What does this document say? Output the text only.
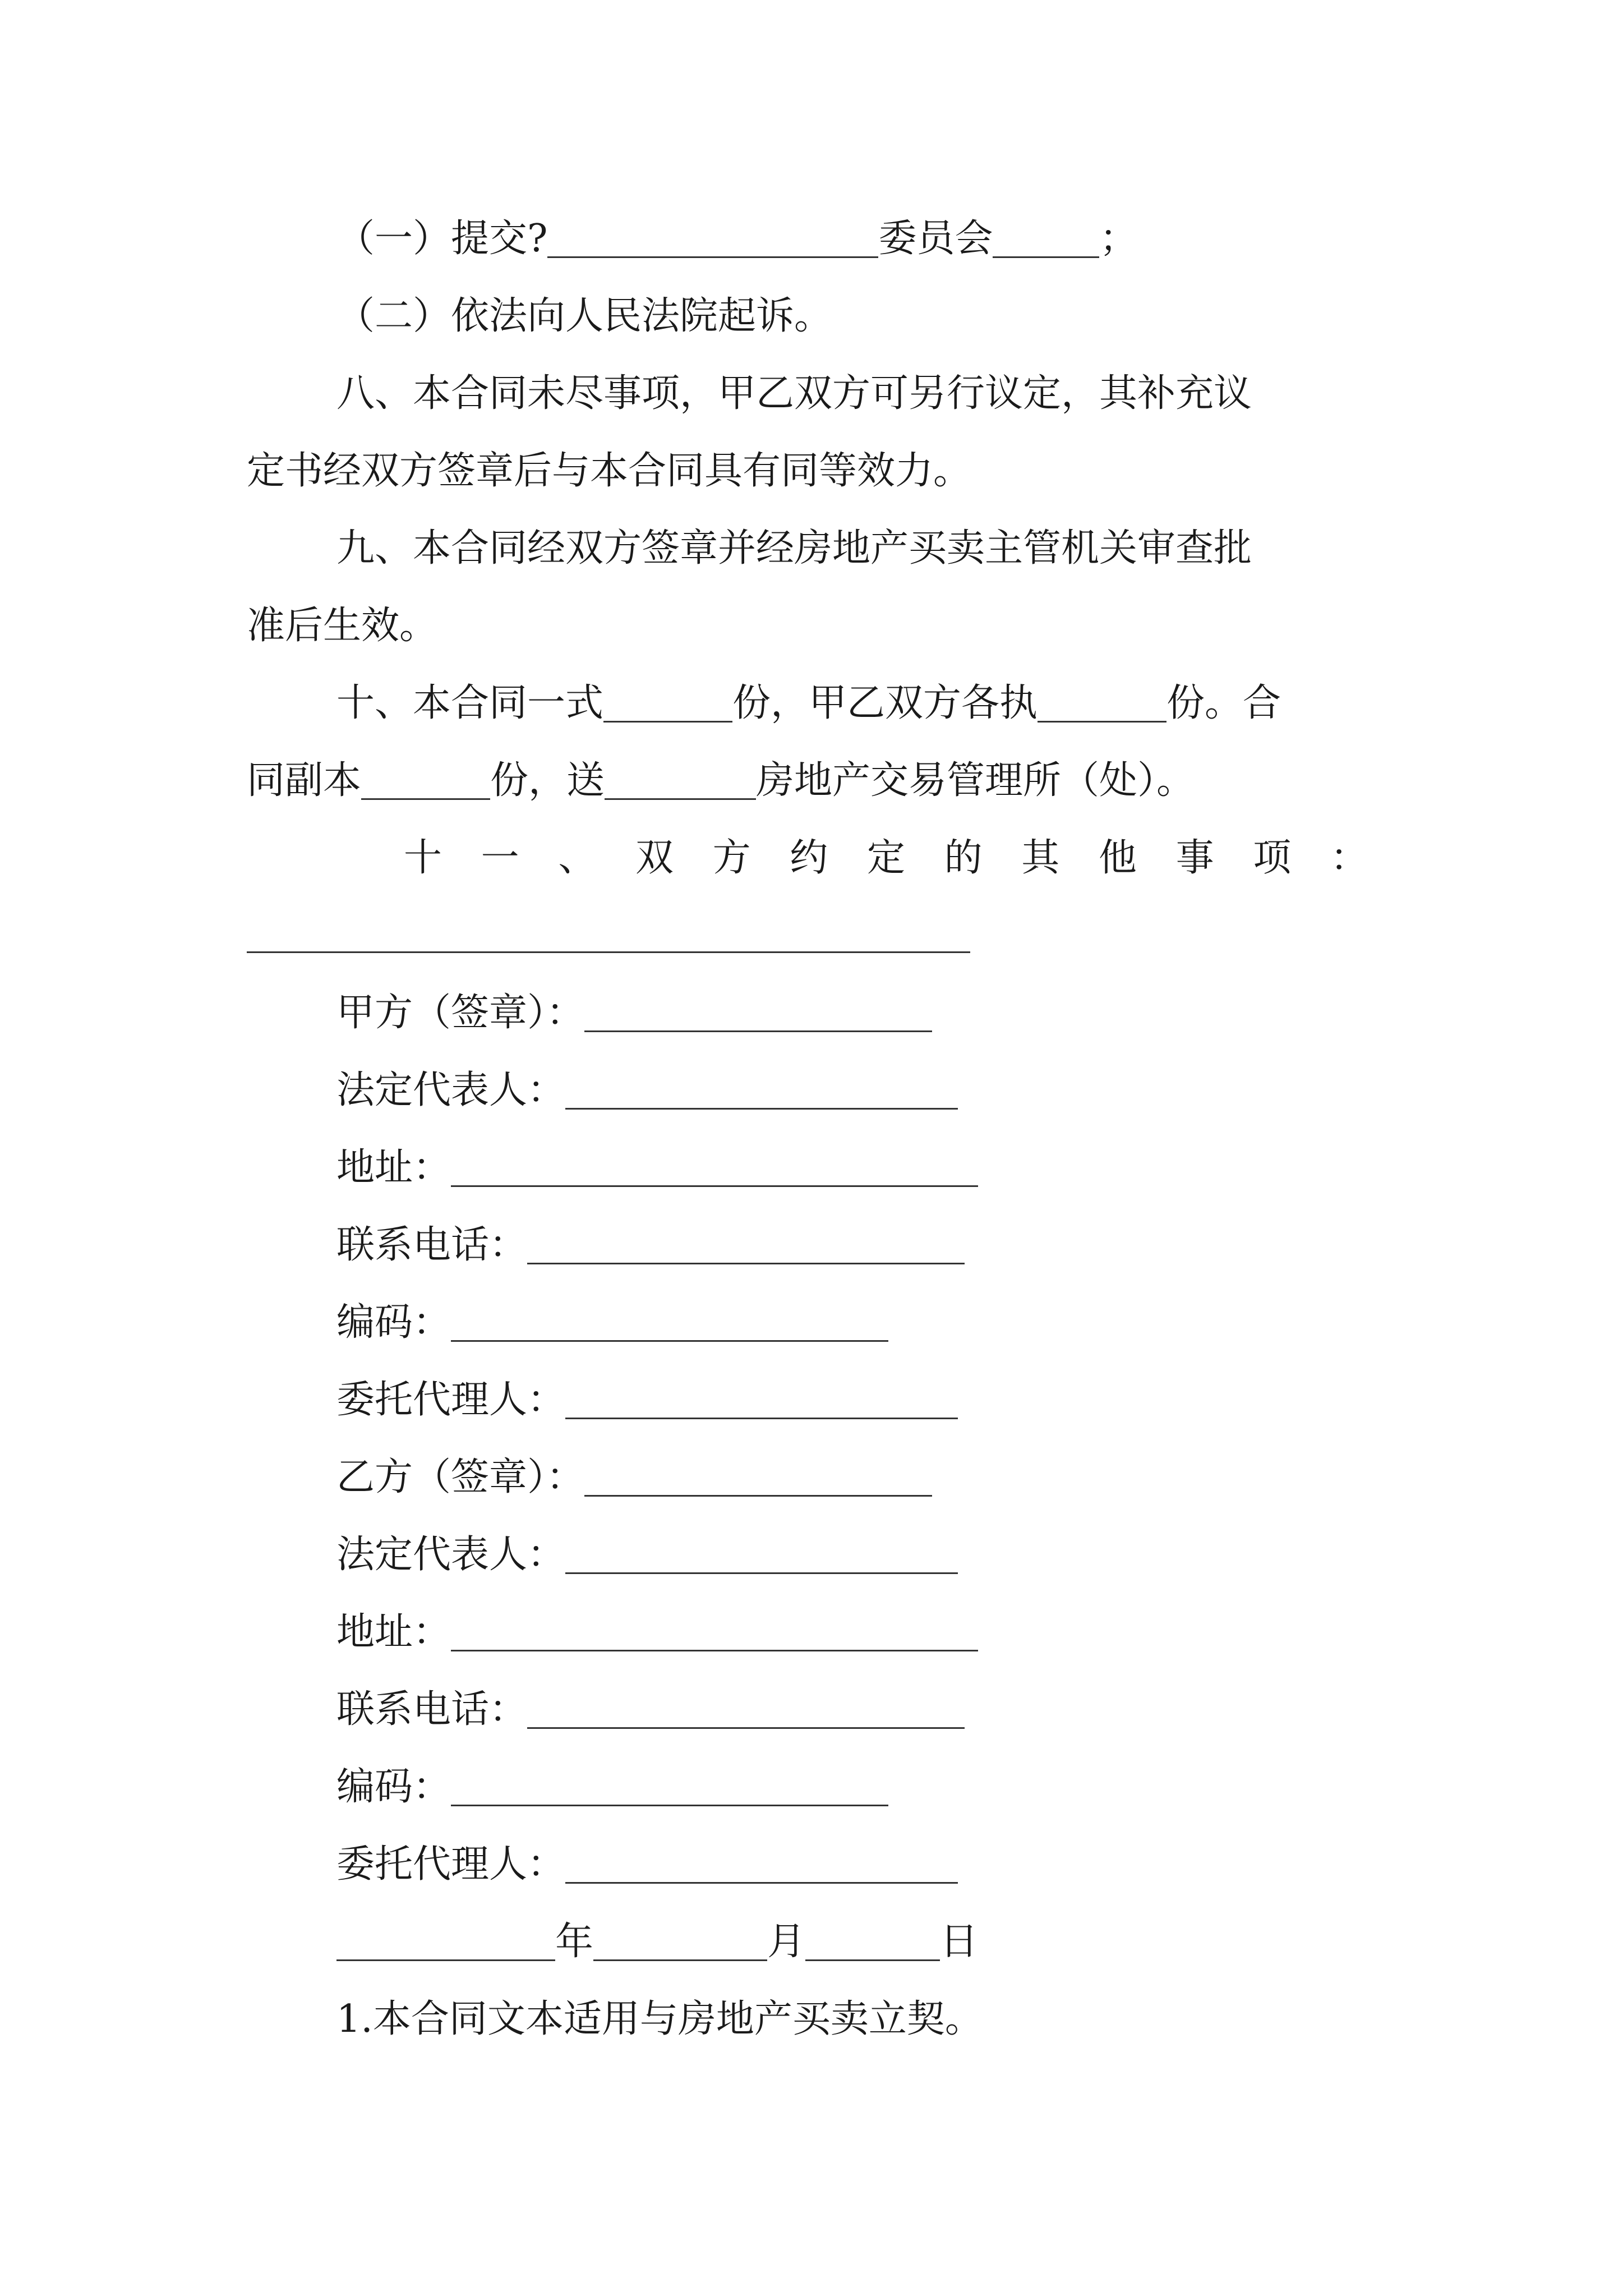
（一）提交?	委员会	；
（二）依法向人民法院起诉。
八、本合同未尽事项，甲乙双方可另行议定，其补充议
定书经双方签章后与本合同具有同等效力。
九、本合同经双方签章并经房地产买卖主管机关审查批
准后生效。
十、本合同一式	份，甲乙双方各执	份。合
同副本	份，送	房地产交易管理所（处）。
十 一 、 双 方 约 定 的 其 他 事 项 ：
甲方（签章）：
法定代表人：
地址：
联系电话：
编码：
委托代理人：
乙方（签章）：
法定代表人：
地址：
联系电话：
编码：
委托代理人：
年	月	日
1.本合同文本适用与房地产买卖立契。
